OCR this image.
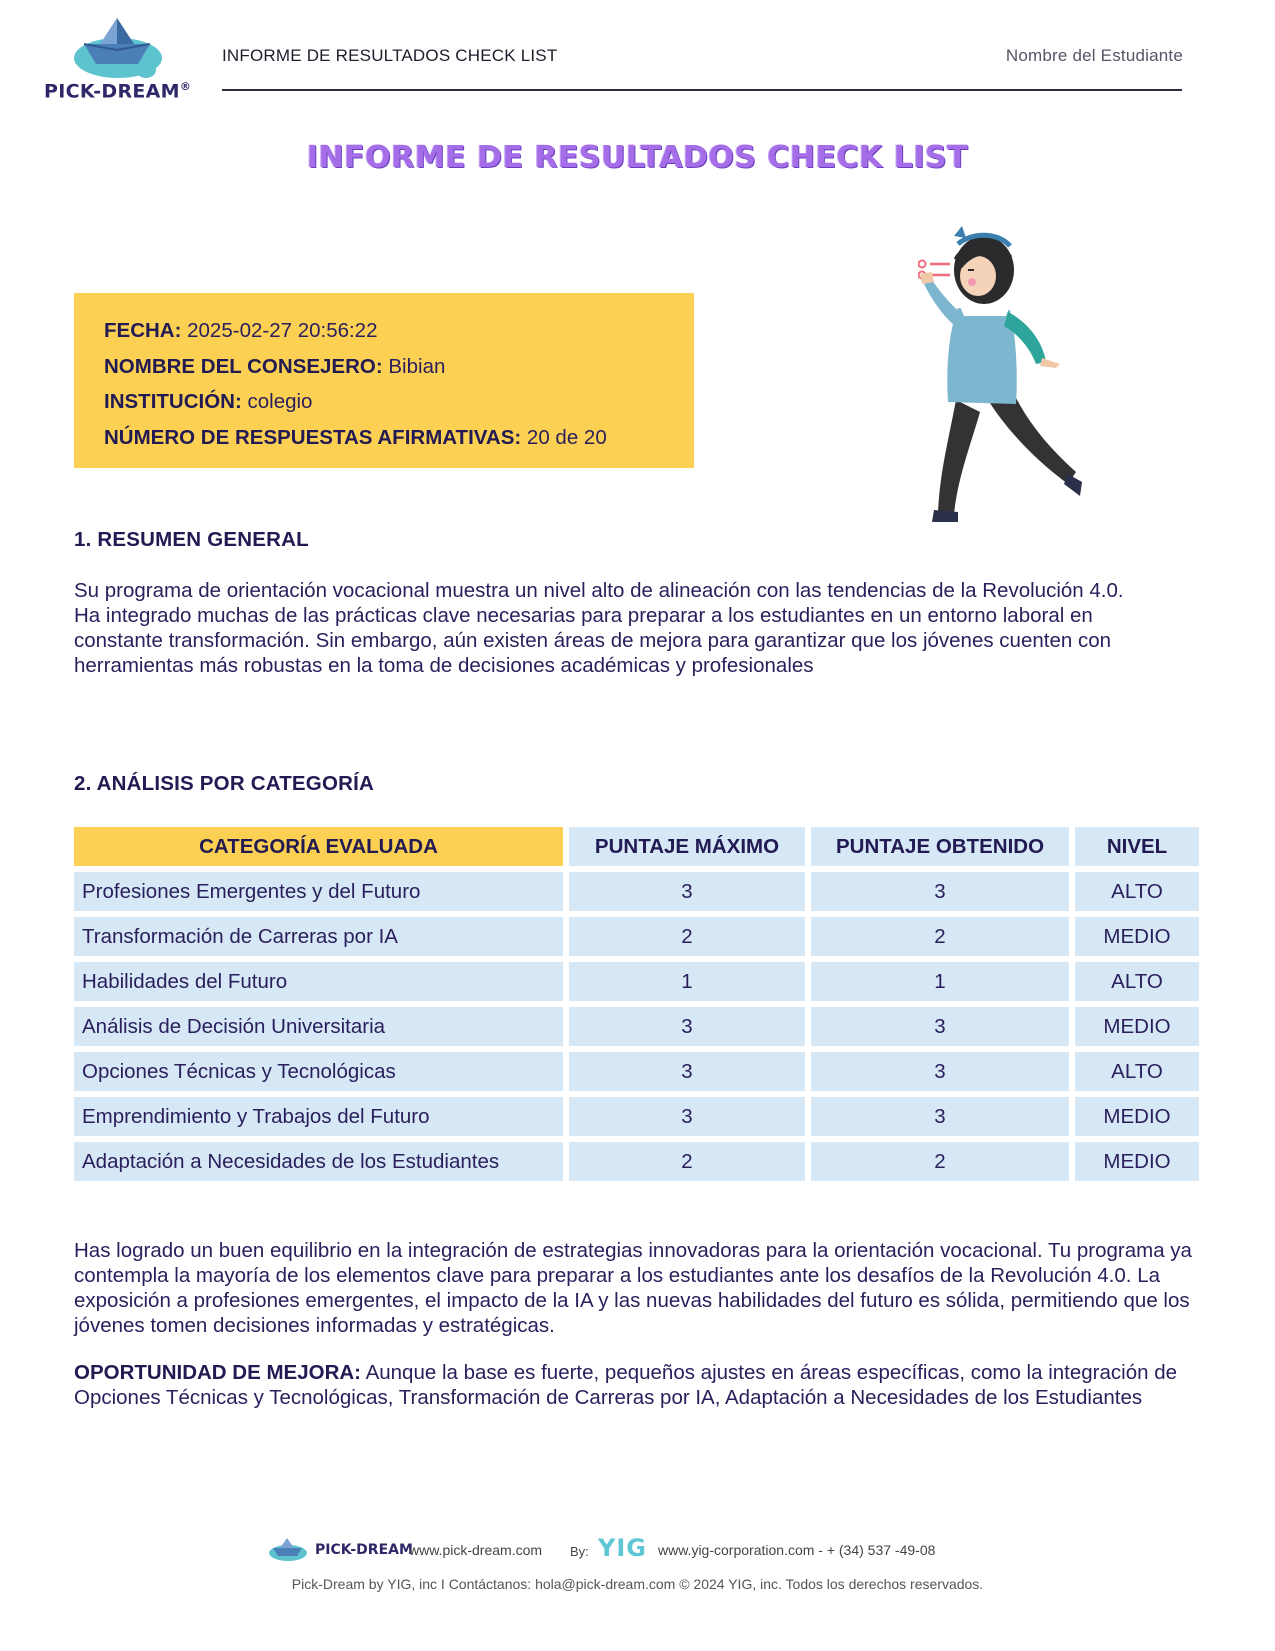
PICK-DREAM®
INFORME DE RESULTADOS CHECK LIST	Nombre del Estudiante
INFORME DE RESULTADOS CHECK LIST
FECHA: 2025-02-27 20:56:22
NOMBRE DEL CONSEJERO: Bibian
INSTITUCIÓN: colegio
NÚMERO DE RESPUESTAS AFIRMATIVAS: 20 de 20
1. RESUMEN GENERAL
Su programa de orientación vocacional muestra un nivel alto de alineación con las tendencias de la Revolución 4.0. Ha integrado muchas de las prácticas clave necesarias para preparar a los estudiantes en un entorno laboral en constante transformación. Sin embargo, aún existen áreas de mejora para garantizar que los jóvenes cuenten con herramientas más robustas en la toma de decisiones académicas y profesionales
2. ANÁLISIS POR CATEGORÍA
CATEGORÍA EVALUADA	PUNTAJE MÁXIMO	PUNTAJE OBTENIDO	NIVEL
Profesiones Emergentes y del Futuro	3	3	ALTO
Transformación de Carreras por IA	2	2	MEDIO
Habilidades del Futuro	1	1	ALTO
Análisis de Decisión Universitaria	3	3	MEDIO
Opciones Técnicas y Tecnológicas	3	3	ALTO
Emprendimiento y Trabajos del Futuro	3	3	MEDIO
Adaptación a Necesidades de los Estudiantes	2	2	MEDIO
Has logrado un buen equilibrio en la integración de estrategias innovadoras para la orientación vocacional. Tu programa ya contempla la mayoría de los elementos clave para preparar a los estudiantes ante los desafíos de la Revolución 4.0. La exposición a profesiones emergentes, el impacto de la IA y las nuevas habilidades del futuro es sólida, permitiendo que los jóvenes tomen decisiones informadas y estratégicas.
OPORTUNIDAD DE MEJORA: Aunque la base es fuerte, pequeños ajustes en áreas específicas, como la integración de Opciones Técnicas y Tecnológicas, Transformación de Carreras por IA, Adaptación a Necesidades de los Estudiantes
PICK-DREAM
www.pick-dream.com By: YIG www.yig-corporation.com - + (34) 537 -49-08
Pick-Dream by YIG, inc I Contáctanos: hola@pick-dream.com © 2024 YIG, inc. Todos los derechos reservados.
